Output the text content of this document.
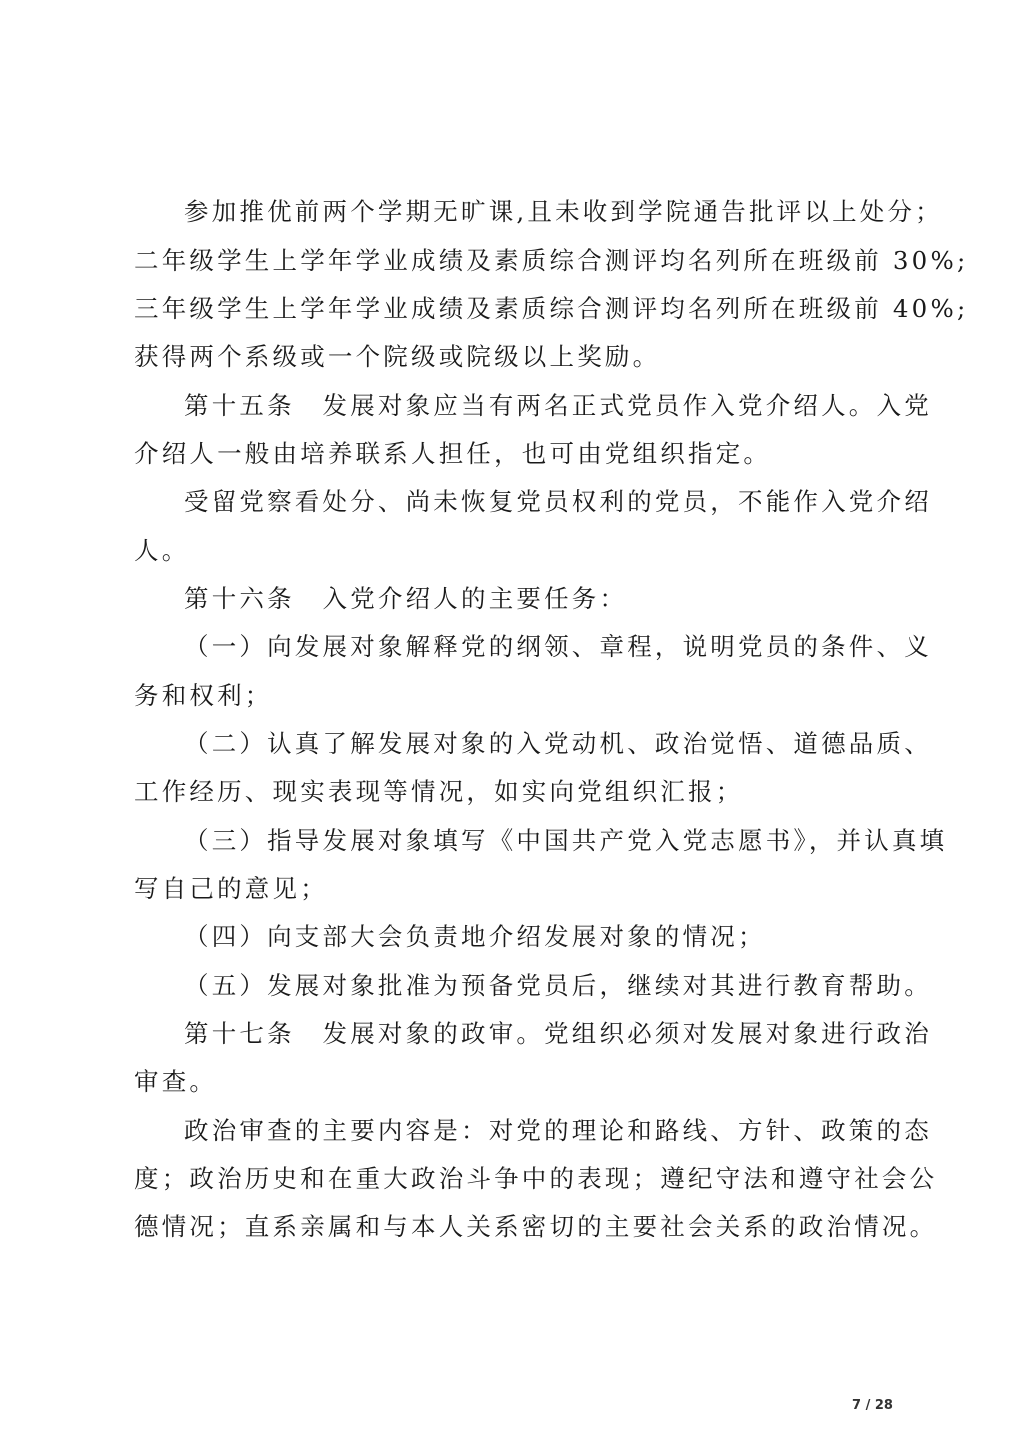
参加推优前两个学期无旷课,且未收到学院通告批评以上处分；
二年级学生上学年学业成绩及素质综合测评均名列所在班级前 30%;
三年级学生上学年学业成绩及素质综合测评均名列所在班级前 40%;
获得两个系级或一个院级或院级以上奖励。
第十五条　发展对象应当有两名正式党员作入党介绍人。入党
介绍人一般由培养联系人担任，也可由党组织指定。
受留党察看处分、尚未恢复党员权利的党员，不能作入党介绍
人。
第十六条　入党介绍人的主要任务：
（一）向发展对象解释党的纲领、章程，说明党员的条件、义
务和权利；
（二）认真了解发展对象的入党动机、政治觉悟、道德品质、
工作经历、现实表现等情况，如实向党组织汇报；
（三）指导发展对象填写《中国共产党入党志愿书》，并认真填
写自己的意见；
（四）向支部大会负责地介绍发展对象的情况；
（五）发展对象批准为预备党员后，继续对其进行教育帮助。
第十七条　发展对象的政审。党组织必须对发展对象进行政治
审查。
政治审查的主要内容是：对党的理论和路线、方针、政策的态
度；政治历史和在重大政治斗争中的表现；遵纪守法和遵守社会公
德情况；直系亲属和与本人关系密切的主要社会关系的政治情况。
7 / 28
